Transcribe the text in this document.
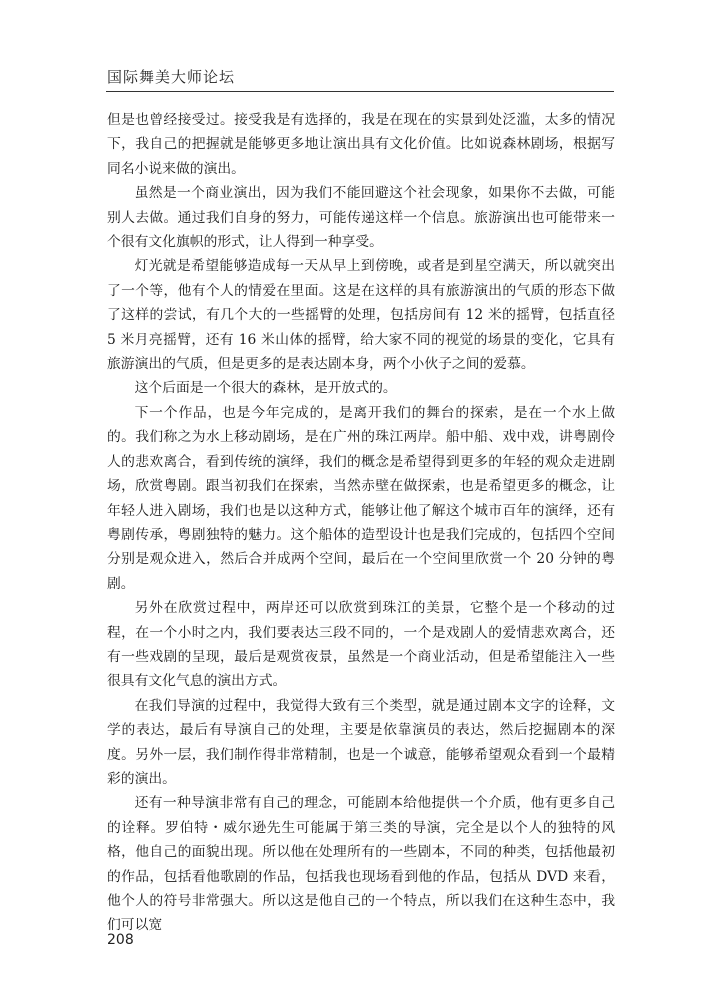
国际舞美大师论坛

但是也曾经接受过。接受我是有选择的，我是在现在的实景到处泛滥，太多的情况下，我自己的把握就是能够更多地让演出具有文化价值。比如说森林剧场，根据写同名小说来做的演出。

虽然是一个商业演出，因为我们不能回避这个社会现象，如果你不去做，可能别人去做。通过我们自身的努力，可能传递这样一个信息。旅游演出也可能带来一个很有文化旗帜的形式，让人得到一种享受。

灯光就是希望能够造成每一天从早上到傍晚，或者是到星空满天，所以就突出了一个等，他有个人的情爱在里面。这是在这样的具有旅游演出的气质的形态下做了这样的尝试，有几个大的一些摇臂的处理，包括房间有 12 米的摇臂，包括直径 5 米月亮摇臂，还有 16 米山体的摇臂，给大家不同的视觉的场景的变化，它具有旅游演出的气质，但是更多的是表达剧本身，两个小伙子之间的爱慕。

这个后面是一个很大的森林，是开放式的。

下一个作品，也是今年完成的，是离开我们的舞台的探索，是在一个水上做的。我们称之为水上移动剧场，是在广州的珠江两岸。船中船、戏中戏，讲粤剧伶人的悲欢离合，看到传统的演绎，我们的概念是希望得到更多的年轻的观众走进剧场，欣赏粤剧。跟当初我们在探索，当然赤壁在做探索，也是希望更多的概念，让年轻人进入剧场，我们也是以这种方式，能够让他了解这个城市百年的演绎，还有粤剧传承，粤剧独特的魅力。这个船体的造型设计也是我们完成的，包括四个空间分别是观众进入，然后合并成两个空间，最后在一个空间里欣赏一个 20 分钟的粤剧。

另外在欣赏过程中，两岸还可以欣赏到珠江的美景，它整个是一个移动的过程，在一个小时之内，我们要表达三段不同的，一个是戏剧人的爱情悲欢离合，还有一些戏剧的呈现，最后是观赏夜景，虽然是一个商业活动，但是希望能注入一些很具有文化气息的演出方式。

在我们导演的过程中，我觉得大致有三个类型，就是通过剧本文字的诠释，文学的表达，最后有导演自己的处理，主要是依靠演员的表达，然后挖掘剧本的深度。另外一层，我们制作得非常精制，也是一个诚意，能够希望观众看到一个最精彩的演出。

还有一种导演非常有自己的理念，可能剧本给他提供一个介质，他有更多自己的诠释。罗伯特・威尔逊先生可能属于第三类的导演，完全是以个人的独特的风格，他自己的面貌出现。所以他在处理所有的一些剧本，不同的种类，包括他最初的作品，包括看他歌剧的作品，包括我也现场看到他的作品，包括从 DVD 来看，他个人的符号非常强大。所以这是他自己的一个特点，所以我们在这种生态中，我们可以宽

208
